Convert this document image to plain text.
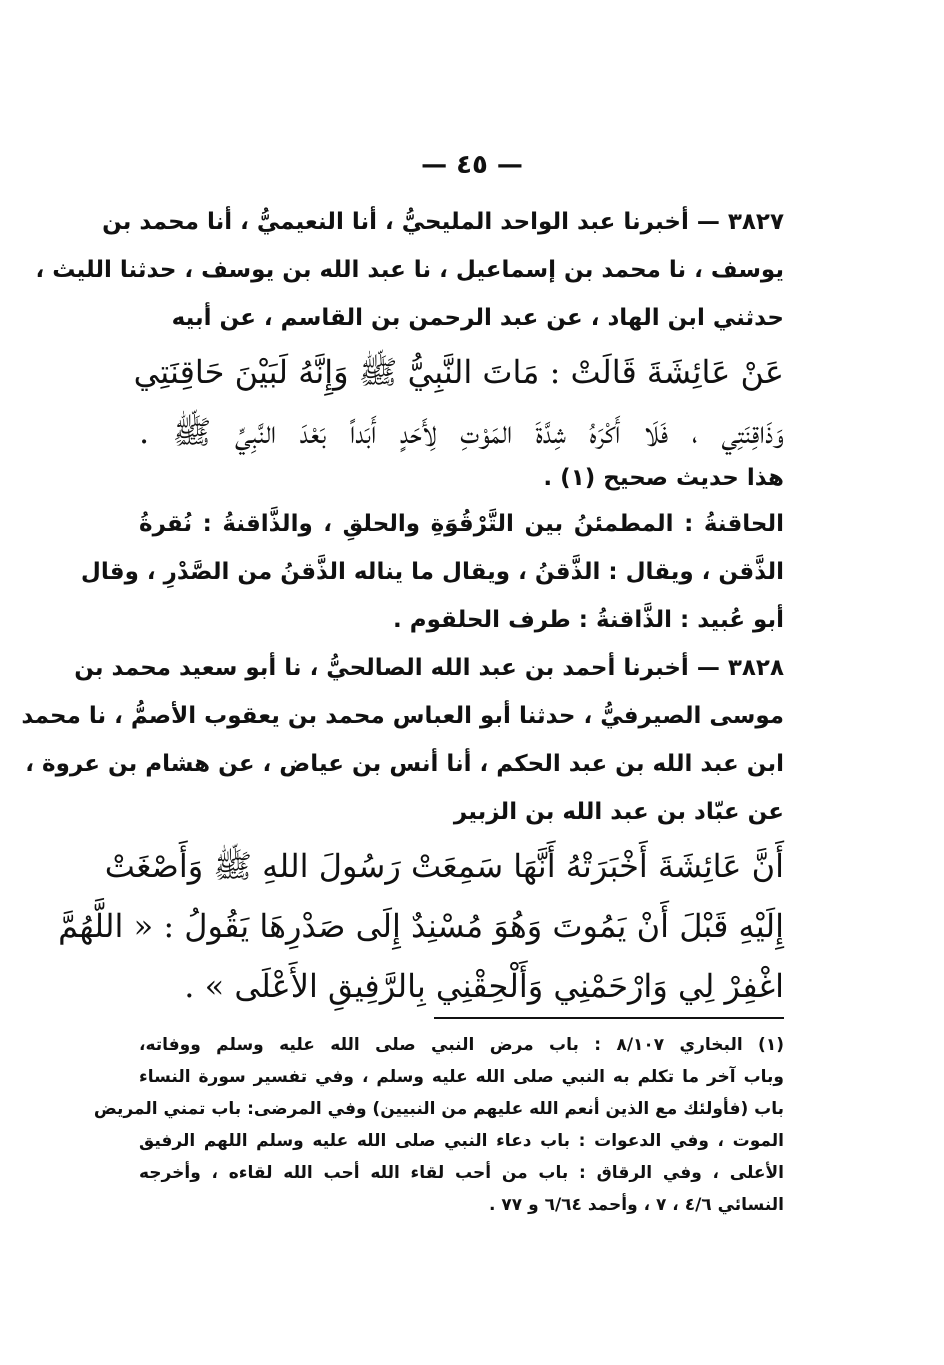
— ٤٥ —
٣٨٢٧ — أخبرنا عبد الواحد المليحيُّ ، أنا النعيميُّ ، أنا محمد بن
يوسف ، نا محمد بن إسماعيل ، نا عبد الله بن يوسف ، حدثنا الليث ،
حدثني ابن الهاد ، عن عبد الرحمن بن القاسم ، عن أبيه
عَنْ عَائِشَةَ قَالَتْ : مَاتَ النَّبِيُّ ﷺ وَإِنَّهُ لَبَيْنَ حَاقِنَتِي
وَذَاقِنَتِي ، فَلَا أَكْرَهُ شِدَّةَ المَوْتِ لِأَحَدٍ أَبَداً بَعْدَ النَّبِيِّ ﷺ .
هذا حديث صحيح (١) .
الحاقنةُ : المطمئنُ بين التَّرْقُوَةِ والحلقِ ، والذَّاقنةُ : نُقرةُ
الذَّقن ، ويقال : الذَّقنُ ، ويقال ما يناله الذَّقنُ من الصَّدْرِ ، وقال
أبو عُبيد : الذَّاقنةُ : طرف الحلقوم .
٣٨٢٨ — أخبرنا أحمد بن عبد الله الصالحيُّ ، نا أبو سعيد محمد بن
موسى الصيرفيُّ ، حدثنا أبو العباس محمد بن يعقوب الأصمُّ ، نا محمد
ابن عبد الله بن عبد الحكم ، أنا أنس بن عياض ، عن هشام بن عروة ،
عن عبّاد بن عبد الله بن الزبير
أَنَّ عَائِشَةَ أَخْبَرَتْهُ أَنَّهَا سَمِعَتْ رَسُولَ اللهِ ﷺ وَأَصْغَتْ
إِلَيْهِ قَبْلَ أَنْ يَمُوتَ وَهُوَ مُسْنِدٌ إِلَى صَدْرِهَا يَقُولُ : « اللَّهُمَّ
اغْفِرْ لِي وَارْحَمْنِي وَأَلْحِقْنِي بِالرَّفِيقِ الأَعْلَى » .
(١) البخاري ٨/١٠٧ : باب مرض النبي صلى الله عليه وسلم ووفاته،
وباب آخر ما تكلم به النبي صلى الله عليه وسلم ، وفي تفسير سورة النساء
باب (فأولئك مع الذين أنعم الله عليهم من النبيين) وفي المرضى: باب تمني المريض
الموت ، وفي الدعوات : باب دعاء النبي صلى الله عليه وسلم اللهم الرفيق
الأعلى ، وفي الرقاق : باب من أحب لقاء الله أحب الله لقاءه ، وأخرجه
النسائي ٤/٦ ، ٧ ، وأحمد ٦/٦٤ و ٧٧ .
